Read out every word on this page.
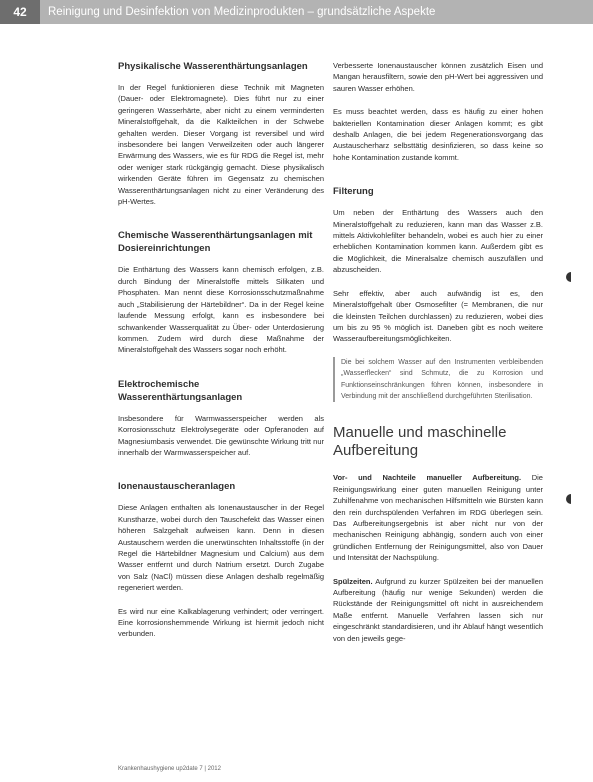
42	Reinigung und Desinfektion von Medizinprodukten – grundsätzliche Aspekte
Physikalische Wasserenthärtungsanlagen

In der Regel funktionieren diese Technik mit Magneten (Dauer- oder Elektromagnete). Dies führt nur zu einer geringeren Wasserhärte, aber nicht zu einem verminderten Mineralstoffgehalt, da die Kalkteilchen in der Schwebe gehalten werden. Dieser Vorgang ist reversibel und wird insbesondere bei langen Verweilzeiten oder auch längerer Erwärmung des Wassers, wie es für RDG die Regel ist, mehr oder weniger stark rückgängig gemacht. Diese physikalisch wirkenden Geräte führen im Gegensatz zu chemischen Wasserenthärtungsanlagen nicht zu einer Veränderung des pH-Wertes.

Chemische Wasserenthärtungsanlagen mit Dosiereinrichtungen

Die Enthärtung des Wassers kann chemisch erfolgen, z.B. durch Bindung der Mineralstoffe mittels Silikaten und Phosphaten. Man nennt diese Korrosionsschutzmaßnahme auch „Stabilisierung der Härtebildner“. Da in der Regel keine laufende Messung erfolgt, kann es insbesondere bei schwankender Wasserqualität zu Über- oder Unterdosierung kommen. Zudem wird durch diese Maßnahme der Mineralstoffgehalt des Wassers sogar noch erhöht.

Elektrochemische Wasserenthärtungsanlagen

Insbesondere für Warmwasserspeicher werden als Korrosionsschutz Elektrolysegeräte oder Opferanoden auf Magnesiumbasis verwendet. Die gewünschte Wirkung tritt nur innerhalb der Warmwasserspeicher auf.

Ionenaustauscheranlagen

Diese Anlagen enthalten als Ionenaustauscher in der Regel Kunstharze, wobei durch den Tauschefekt das Wasser einen höheren Salzgehalt aufweisen kann. Denn in diesen Austauschern werden die unerwünschten Inhaltsstoffe (in der Regel die Härtebildner Magnesium und Calcium) aus dem Wasser entfernt und durch Natrium ersetzt. Durch Zugabe von Salz (NaCl) müssen diese Anlagen deshalb regelmäßig regeneriert werden.

Es wird nur eine Kalkablagerung verhindert; oder verringert. Eine korrosionshemmende Wirkung ist hiermit jedoch nicht verbunden.

Verbesserte Ionenaustauscher können zusätzlich Eisen und Mangan herausfiltern, sowie den pH-Wert bei aggressiven und sauren Wasser erhöhen.

Es muss beachtet werden, dass es häufig zu einer hohen bakteriellen Kontamination dieser Anlagen kommt; es gibt deshalb Anlagen, die bei jedem Regenerationsvorgang das Austauscherharz selbsttätig desinfizieren, so dass keine so hohe Kontamination zustande kommt.

Filterung

Um neben der Enthärtung des Wassers auch den Mineralstoffgehalt zu reduzieren, kann man das Wasser z.B. mittels Aktivkohlefilter behandeln, wobei es auch hier zu einer erheblichen Kontamination kommen kann. Außerdem gibt es die Möglichkeit, die Mineralsalze chemisch auszufällen und abzuscheiden.

Sehr effektiv, aber auch aufwändig ist es, den Mineralstoffgehalt über Osmosefilter (= Membranen, die nur die kleinsten Teilchen durchlassen) zu reduzieren, wobei dies um bis zu 95 % möglich ist. Daneben gibt es noch weitere Wasseraufbereitungsmöglichkeiten.

Die bei solchem Wasser auf den Instrumenten verbleibenden „Wasserflecken“ sind Schmutz, die zu Korrosion und Funktionseinschränkungen führen können, insbesondere in Verbindung mit der anschließend durchgeführten Sterilisation.

Manuelle und maschinelle Aufbereitung

Vor- und Nachteile manueller Aufbereitung. Die Reinigungswirkung einer guten manuellen Reinigung unter Zuhilfenahme von mechanischen Hilfsmitteln wie Bürsten kann den rein durchspülenden Verfahren im RDG überlegen sein. Das Aufbereitungsergebnis ist aber nicht nur von der mechanischen Reinigung abhängig, sondern auch von einer gründlichen Entfernung der Reinigungsmittel, also von Dauer und Intensität der Nachspülung.

Spülzeiten. Aufgrund zu kurzer Spülzeiten bei der manuellen Aufbereitung (häufig nur wenige Sekunden) werden die Rückstände der Reinigungsmittel oft nicht in ausreichendem Maße entfernt. Manuelle Verfahren lassen sich nur eingeschränkt standardisieren, und ihr Ablauf hängt wesentlich von den jeweils gege-

Krankenhaushygiene up2date 7 | 2012
